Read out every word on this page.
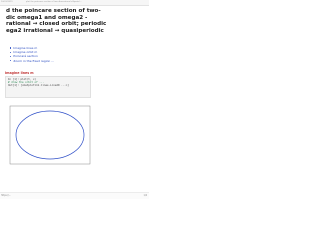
10/01/2019	plot the poincare section of two dimensional ellipsoid ...
d the poincare section of two-
dic omega1 and omega2 -
rational → closed orbit; periodic
ega2 irrational → quasiperiodic
Imagine lines m
Imagine orbit m
Poincaré section
Zoom in the fixed region ...
Imagine lines m
In [1]: plot(t, x)
# draw the orbit of ...
Out[1]: [<matplotlib.lines.Line2D ...>]
https://...	1/4
